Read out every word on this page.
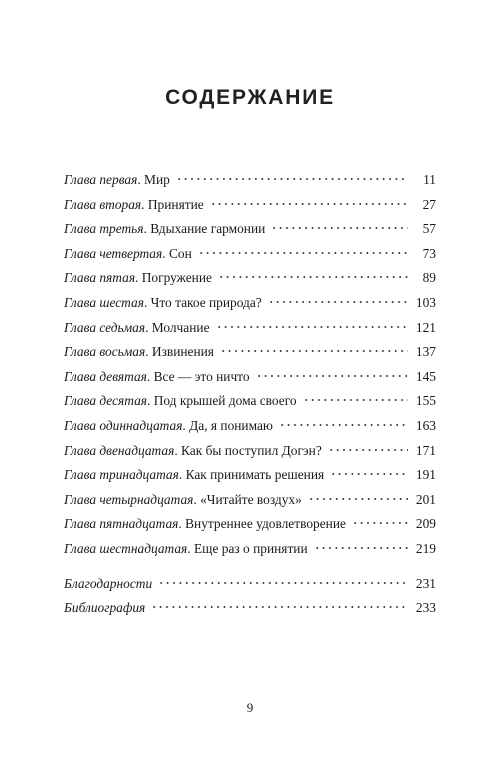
СОДЕРЖАНИЕ
Глава первая. Мир	11
Глава вторая. Принятие	27
Глава третья. Вдыхание гармонии	57
Глава четвертая. Сон	73
Глава пятая. Погружение	89
Глава шестая. Что такое природа?	103
Глава седьмая. Молчание	121
Глава восьмая. Извинения	137
Глава девятая. Все — это ничто	145
Глава десятая. Под крышей дома своего	155
Глава одиннадцатая. Да, я понимаю	163
Глава двенадцатая. Как бы поступил Догэн?	171
Глава тринадцатая. Как принимать решения	191
Глава четырнадцатая. «Читайте воздух»	201
Глава пятнадцатая. Внутреннее удовлетворение	209
Глава шестнадцатая. Еще раз о принятии	219
Благодарности	231
Библиография	233
9
